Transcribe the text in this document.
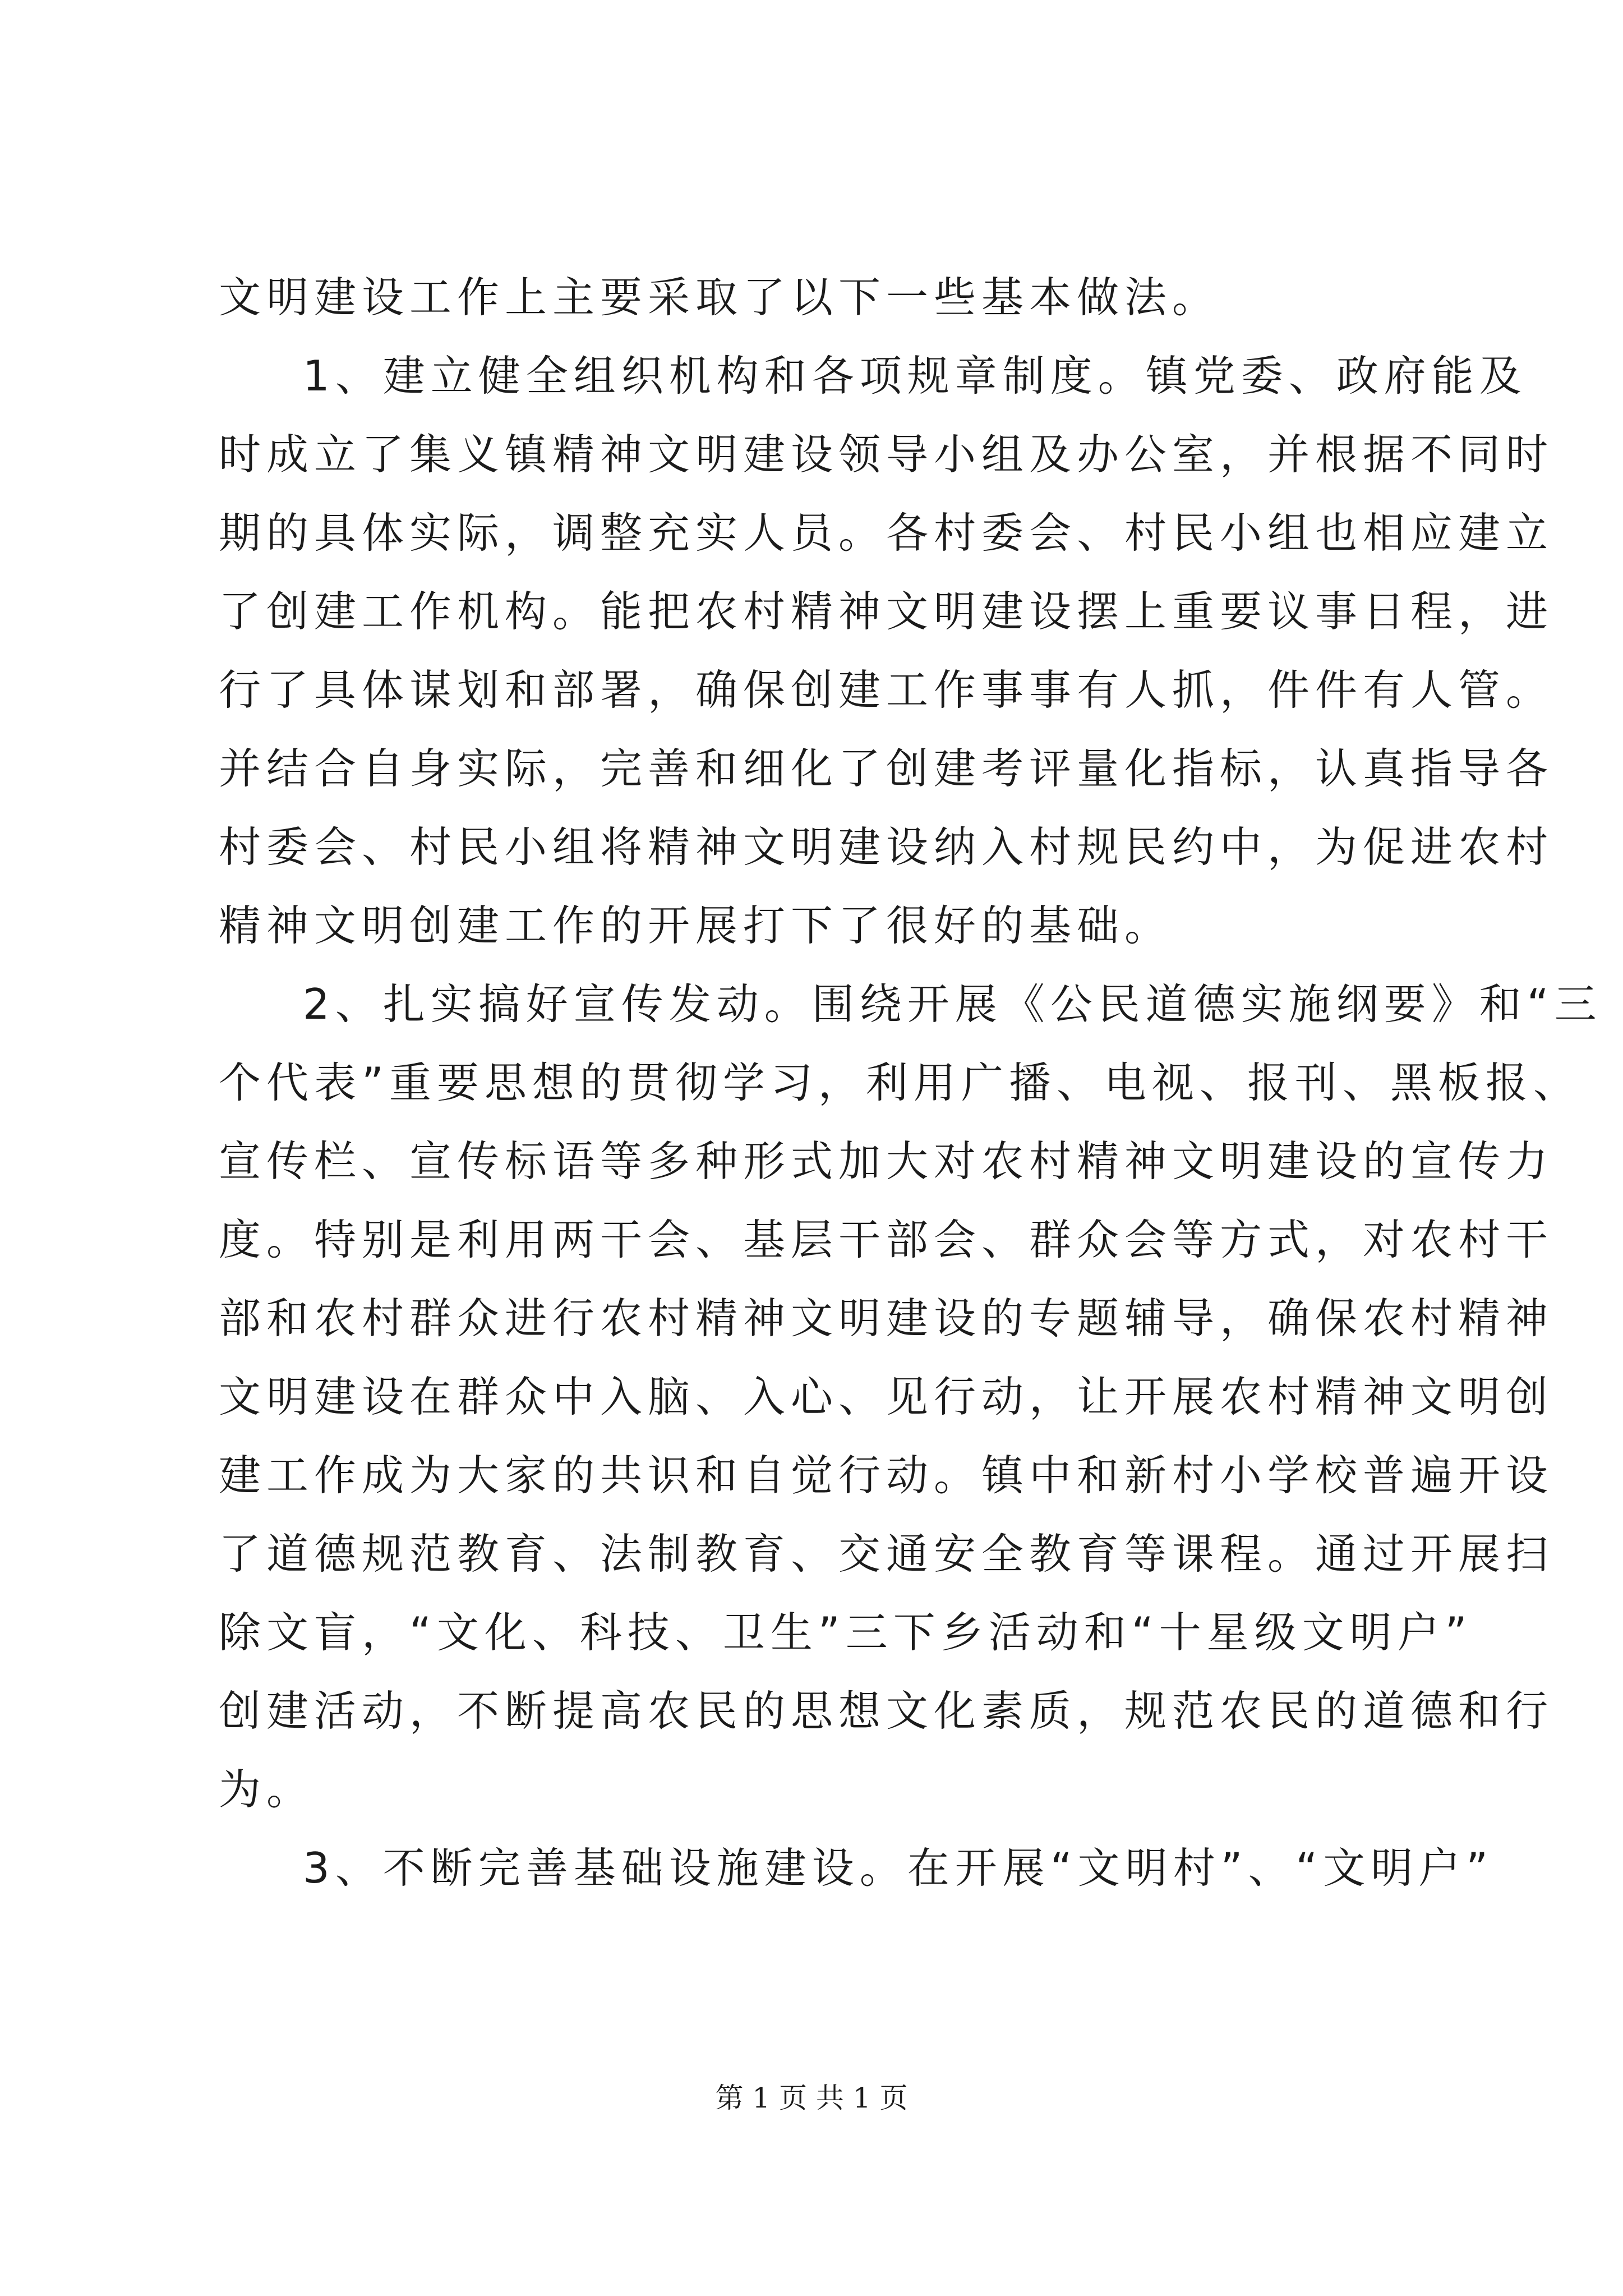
文明建设工作上主要采取了以下一些基本做法。
1、建立健全组织机构和各项规章制度。镇党委、政府能及
时成立了集义镇精神文明建设领导小组及办公室，并根据不同时
期的具体实际，调整充实人员。各村委会、村民小组也相应建立
了创建工作机构。能把农村精神文明建设摆上重要议事日程，进
行了具体谋划和部署，确保创建工作事事有人抓，件件有人管。
并结合自身实际，完善和细化了创建考评量化指标，认真指导各
村委会、村民小组将精神文明建设纳入村规民约中，为促进农村
精神文明创建工作的开展打下了很好的基础。
2、扎实搞好宣传发动。围绕开展《公民道德实施纲要》和“三
个代表”重要思想的贯彻学习，利用广播、电视、报刊、黑板报、
宣传栏、宣传标语等多种形式加大对农村精神文明建设的宣传力
度。特别是利用两干会、基层干部会、群众会等方式，对农村干
部和农村群众进行农村精神文明建设的专题辅导，确保农村精神
文明建设在群众中入脑、入心、见行动，让开展农村精神文明创
建工作成为大家的共识和自觉行动。镇中和新村小学校普遍开设
了道德规范教育、法制教育、交通安全教育等课程。通过开展扫
除文盲，“文化、科技、卫生”三下乡活动和“十星级文明户”
创建活动，不断提高农民的思想文化素质，规范农民的道德和行
为。
3、不断完善基础设施建设。在开展“文明村”、“文明户”
第 1 页 共 1 页
